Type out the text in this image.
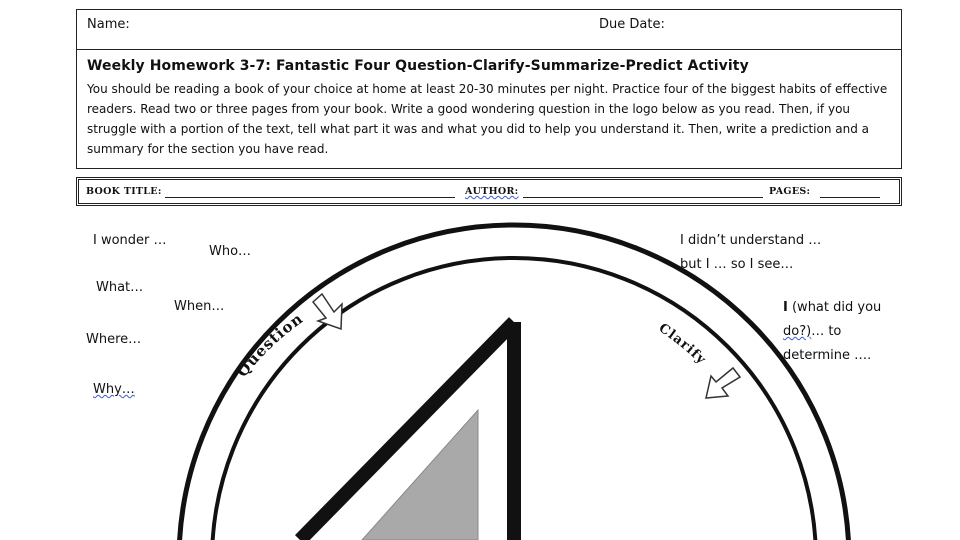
Name:	Due Date:
Weekly Homework 3-7: Fantastic Four Question-Clarify-Summarize-Predict Activity

You should be reading a book of your choice at home at least 20-30 minutes per night. Practice four of the biggest habits of effective readers. Read two or three pages from your book. Write a good wondering question in the logo below as you read. Then, if you struggle with a portion of the text, tell what part it was and what you did to help you understand it. Then, write a prediction and a summary for the section you have read.

BOOK TITLE:	AUTHOR:	PAGES:
Question	Clarify
I wonder …
Who…
What…
When…
Where…
Why…
I didn’t understand …
but I … so I see…
I (what did you
do?)… to
determine ….
